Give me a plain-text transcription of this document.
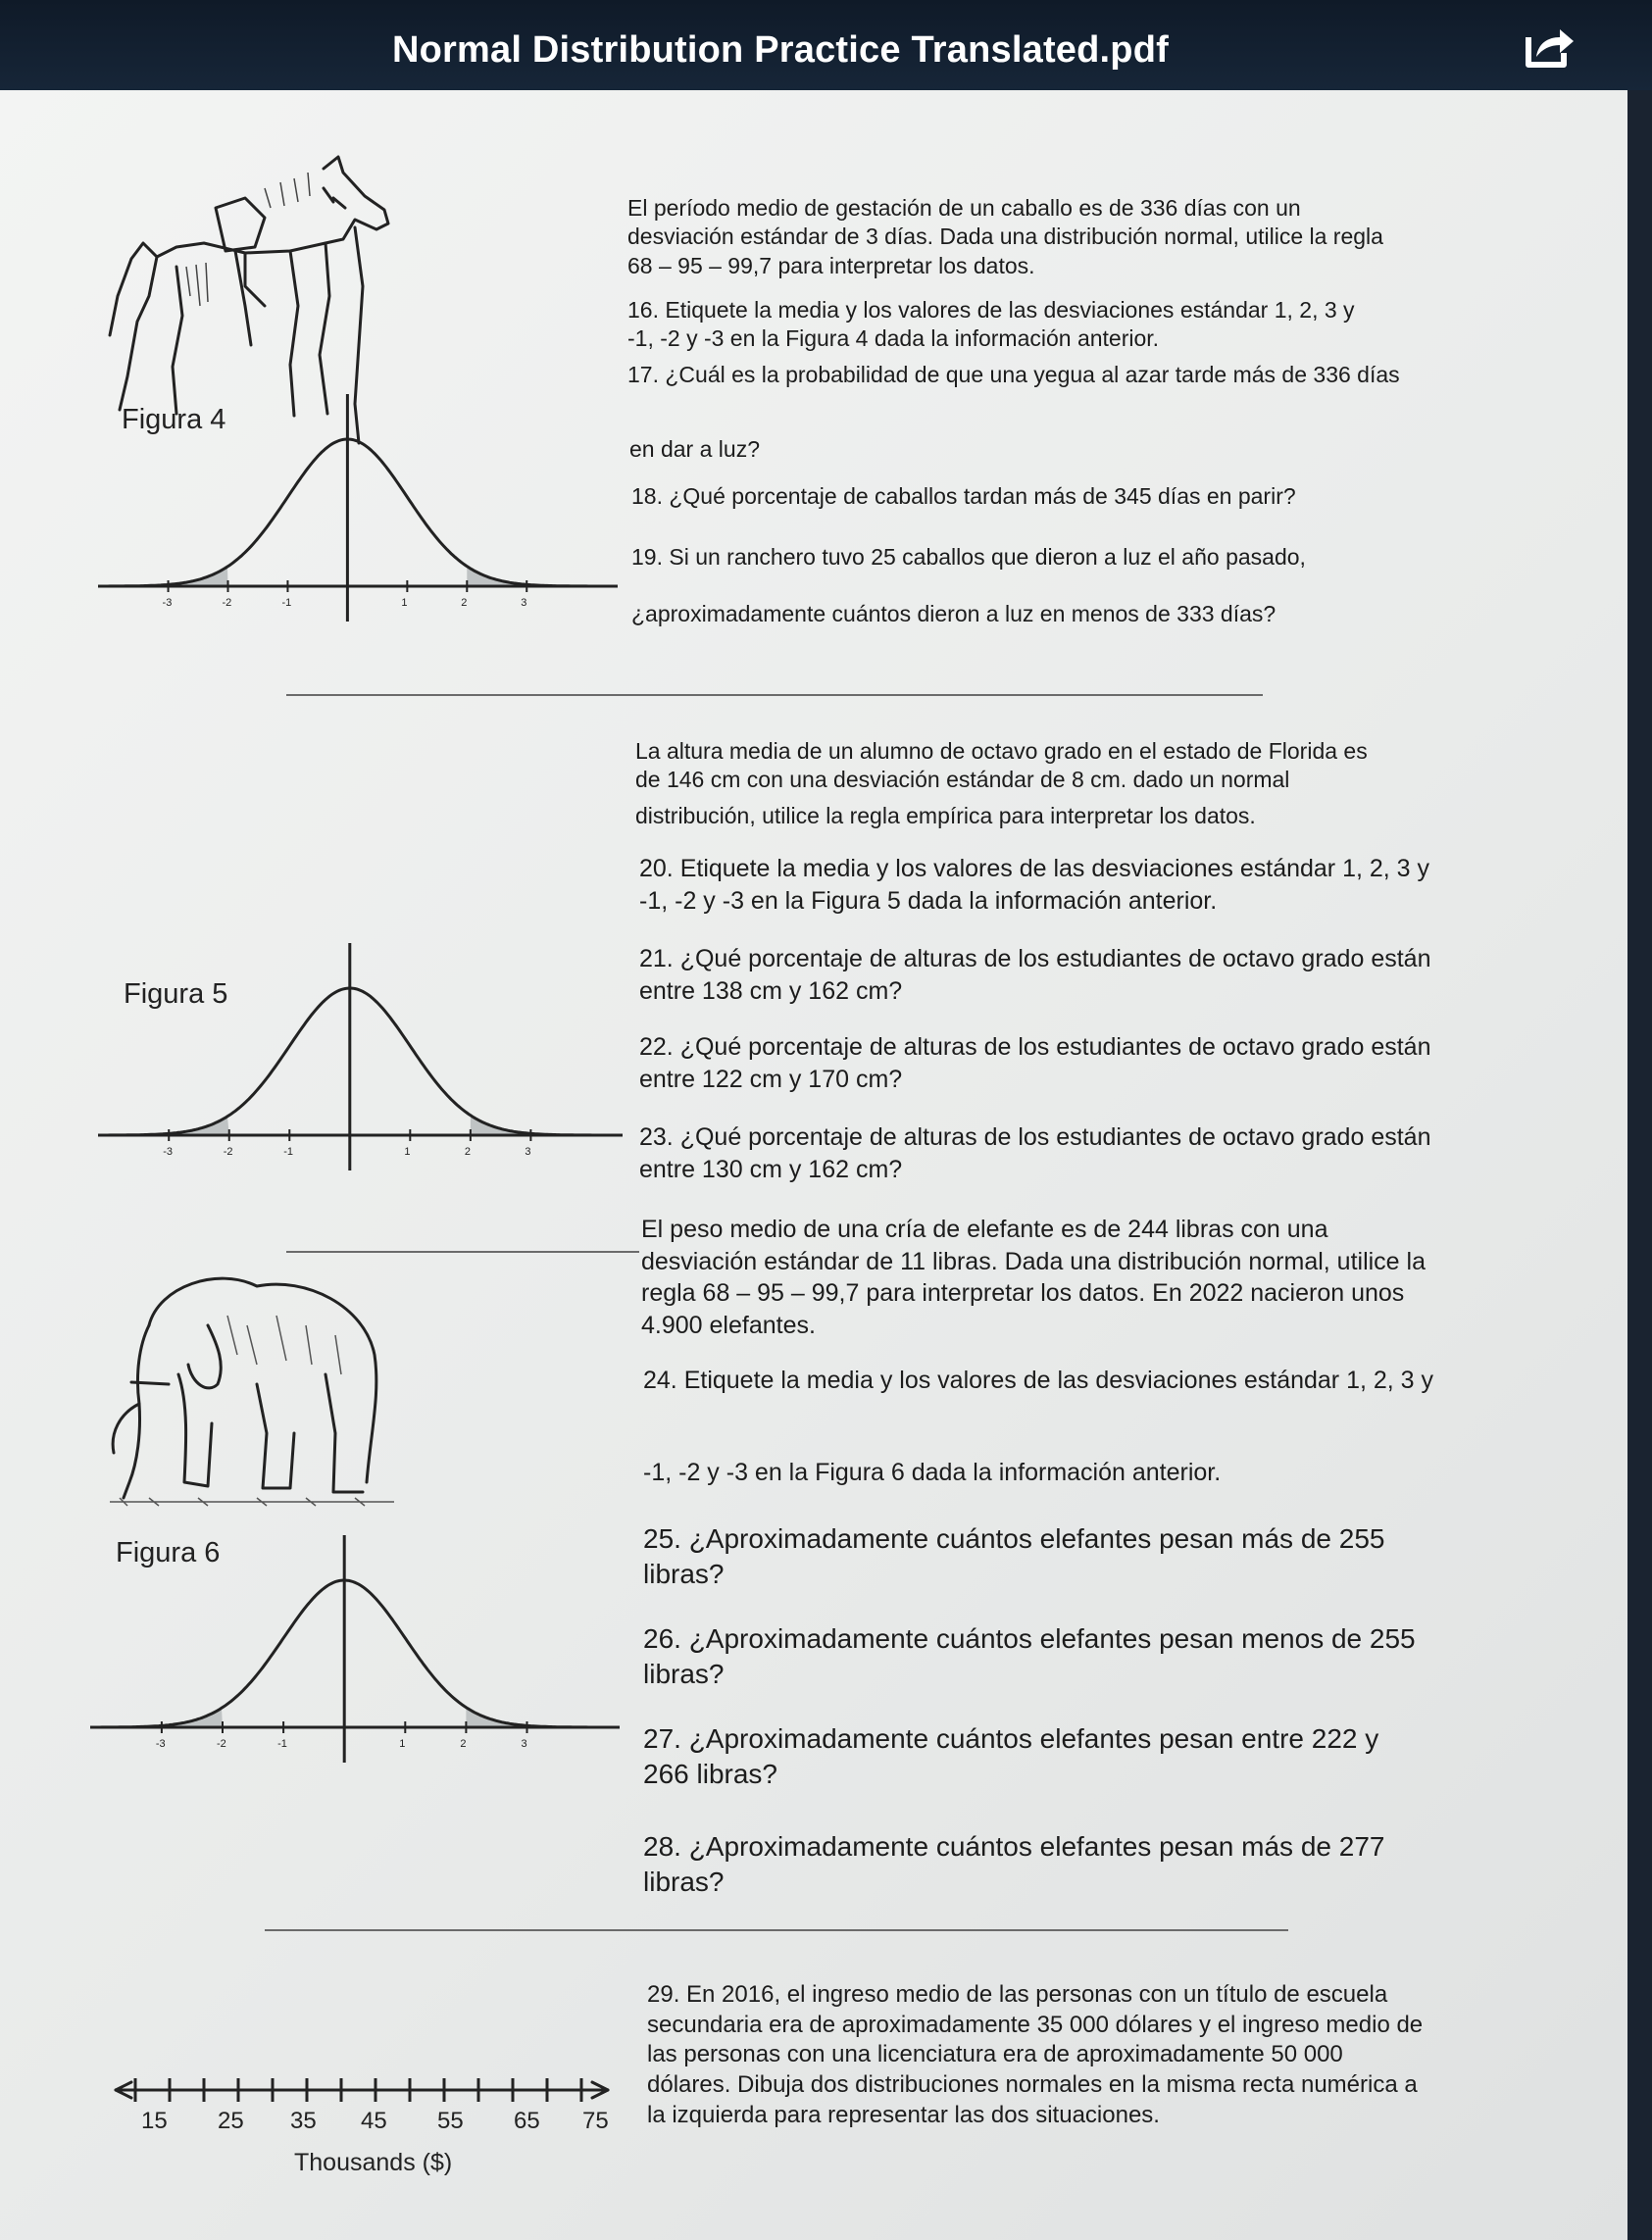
Normal Distribution Practice Translated.pdf
Figura 4
-3	-2	-1	1	2	3
El período medio de gestación de un caballo es de 336 días con un
desviación estándar de 3 días. Dada una distribución normal, utilice la regla
68 – 95 – 99,7 para interpretar los datos.
16. Etiquete la media y los valores de las desviaciones estándar 1, 2, 3 y
-1, -2 y -3 en la Figura 4 dada la información anterior.
17. ¿Cuál es la probabilidad de que una yegua al azar tarde más de 336 días
en dar a luz?
18. ¿Qué porcentaje de caballos tardan más de 345 días en parir?
19. Si un ranchero tuvo 25 caballos que dieron a luz el año pasado,
¿aproximadamente cuántos dieron a luz en menos de 333 días?
La altura media de un alumno de octavo grado en el estado de Florida es
de 146 cm con una desviación estándar de 8 cm. dado un normal
distribución, utilice la regla empírica para interpretar los datos.
20. Etiquete la media y los valores de las desviaciones estándar 1, 2, 3 y
-1, -2 y -3 en la Figura 5 dada la información anterior.
21. ¿Qué porcentaje de alturas de los estudiantes de octavo grado están
entre 138 cm y 162 cm?
22. ¿Qué porcentaje de alturas de los estudiantes de octavo grado están
entre 122 cm y 170 cm?
23. ¿Qué porcentaje de alturas de los estudiantes de octavo grado están
entre 130 cm y 162 cm?
Figura 5
-3	-2	-1	1	2	3
El peso medio de una cría de elefante es de 244 libras con una
desviación estándar de 11 libras. Dada una distribución normal, utilice la
regla 68 – 95 – 99,7 para interpretar los datos. En 2022 nacieron unos
4.900 elefantes.
24. Etiquete la media y los valores de las desviaciones estándar 1, 2, 3 y
-1, -2 y -3 en la Figura 6 dada la información anterior.
Figura 6
-3	-2	-1	1	2	3
25. ¿Aproximadamente cuántos elefantes pesan más de 255
libras?
26. ¿Aproximadamente cuántos elefantes pesan menos de 255
libras?
27. ¿Aproximadamente cuántos elefantes pesan entre 222 y
266 libras?
28. ¿Aproximadamente cuántos elefantes pesan más de 277
libras?
29. En 2016, el ingreso medio de las personas con un título de escuela
secundaria era de aproximadamente 35 000 dólares y el ingreso medio de
las personas con una licenciatura era de aproximadamente 50 000
dólares. Dibuja dos distribuciones normales en la misma recta numérica a
la izquierda para representar las dos situaciones.
15 25 35 45 55 65 75
Thousands ($)
